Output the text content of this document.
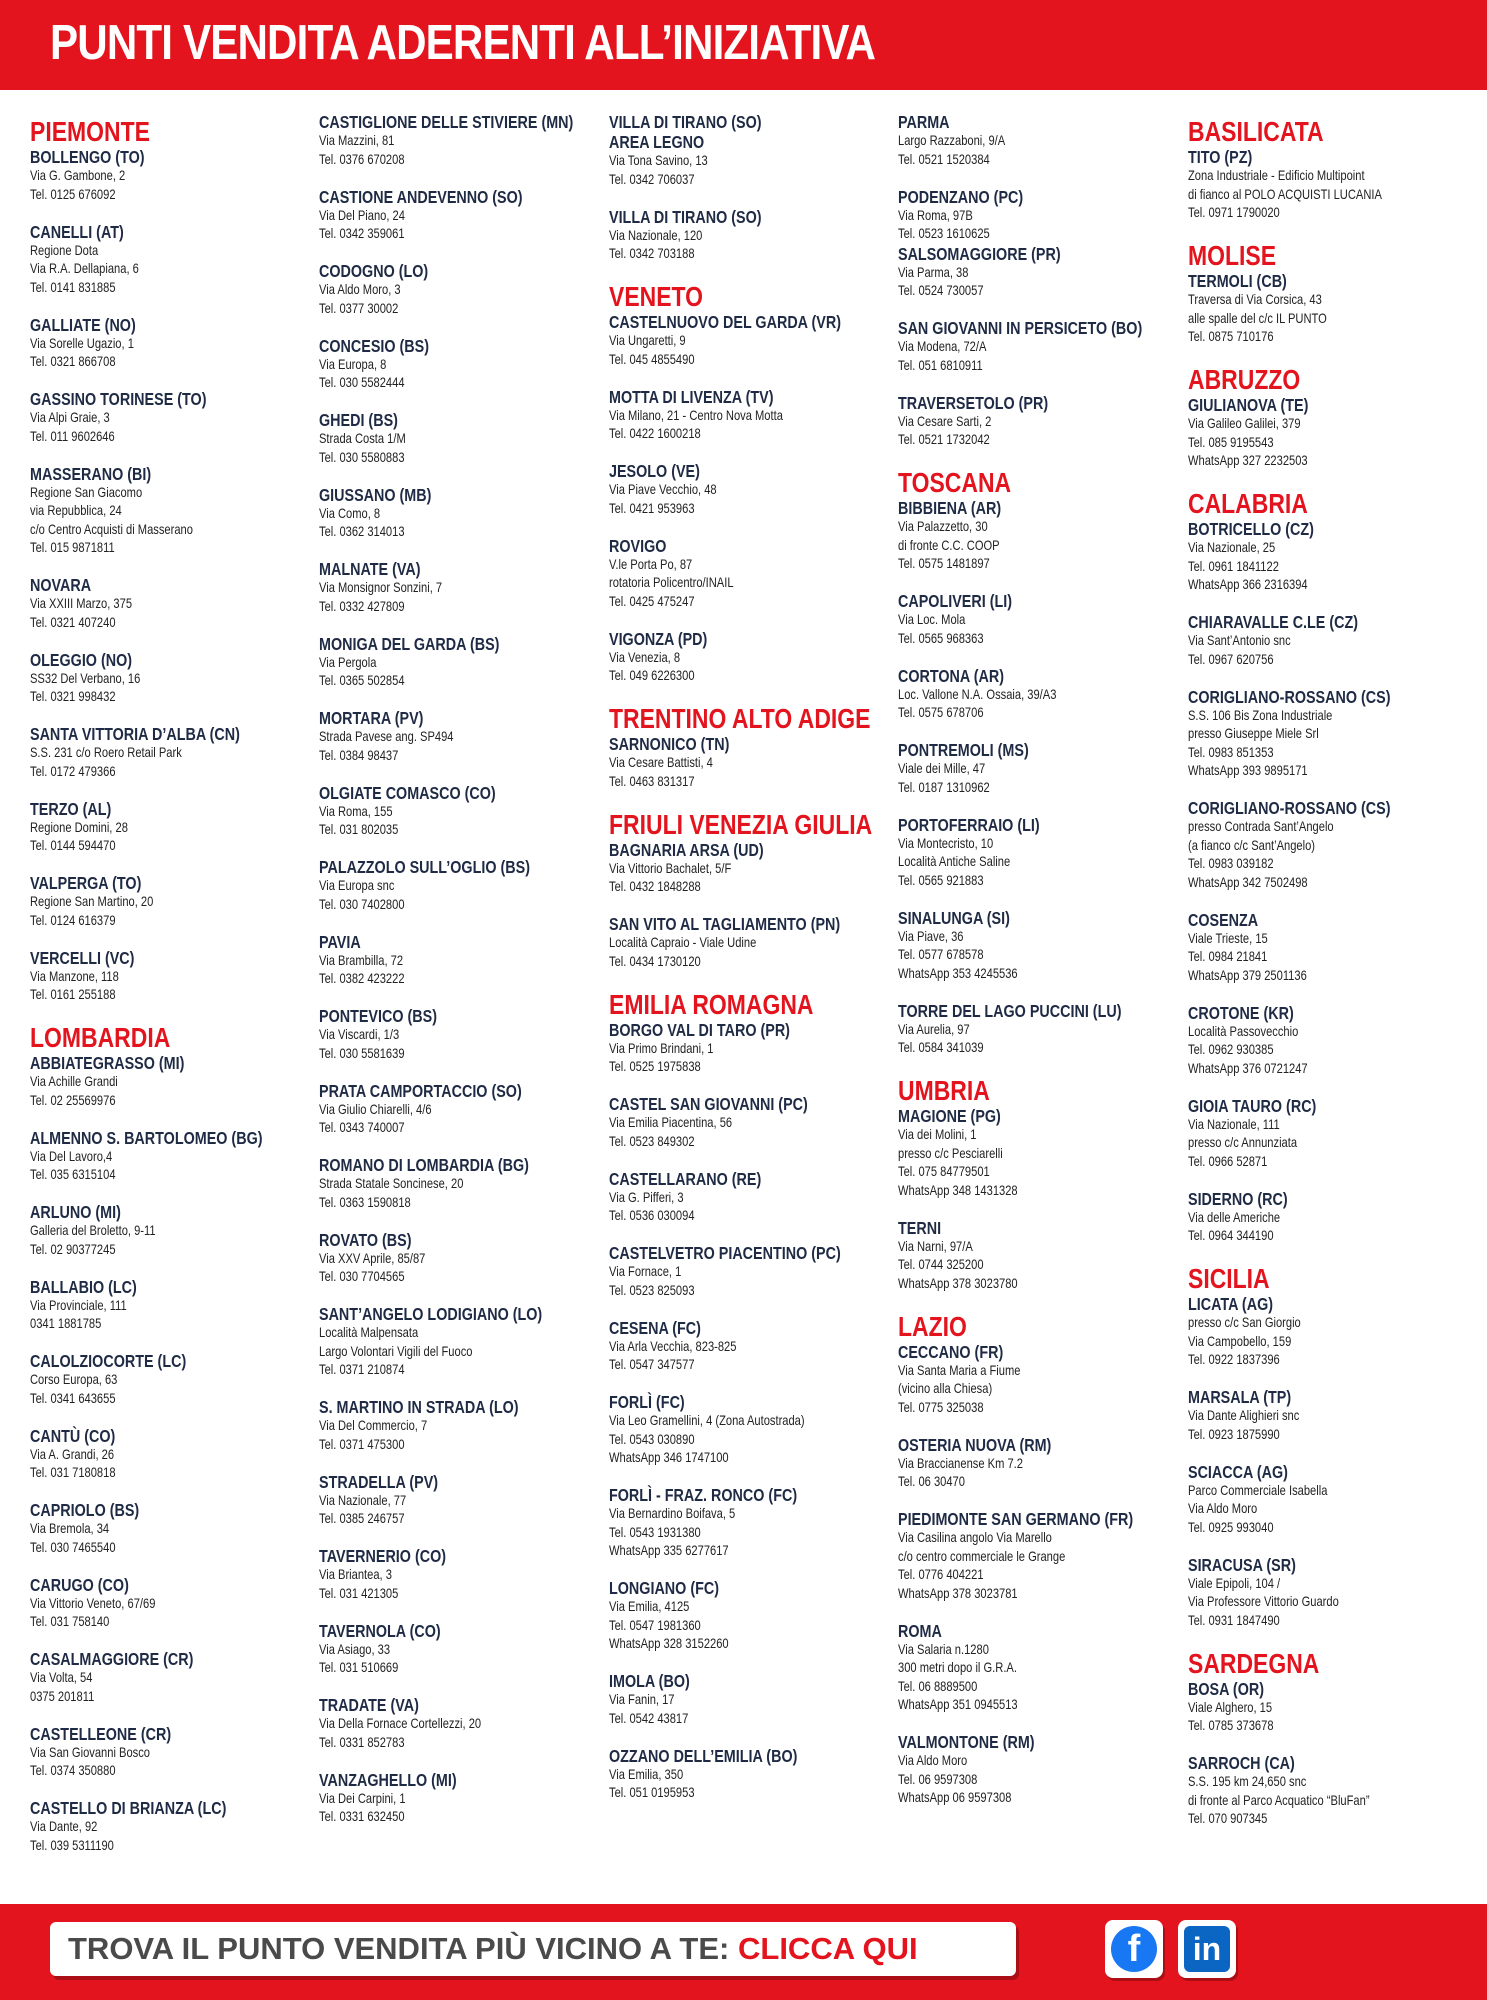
PUNTI VENDITA ADERENTI ALL’INIZIATIVA
PIEMONTE
BOLLENGO (TO)
Via G. Gambone, 2
Tel. 0125 676092
CANELLI (AT)
Regione Dota
Via R.A. Dellapiana, 6
Tel. 0141 831885
GALLIATE (NO)
Via Sorelle Ugazio, 1
Tel. 0321 866708
GASSINO TORINESE (TO)
Via Alpi Graie, 3
Tel. 011 9602646
MASSERANO (BI)
Regione San Giacomo
via Repubblica, 24
c/o Centro Acquisti di Masserano
Tel. 015 9871811
NOVARA
Via XXIII Marzo, 375
Tel. 0321 407240
OLEGGIO (NO)
SS32 Del Verbano, 16
Tel. 0321 998432
SANTA VITTORIA D’ALBA (CN)
S.S. 231 c/o Roero Retail Park
Tel. 0172 479366
TERZO (AL)
Regione Domini, 28
Tel. 0144 594470
VALPERGA (TO)
Regione San Martino, 20
Tel. 0124 616379
VERCELLI (VC)
Via Manzone, 118
Tel. 0161 255188
LOMBARDIA
ABBIATEGRASSO (MI)
Via Achille Grandi
Tel. 02 25569976
ALMENNO S. BARTOLOMEO (BG)
Via Del Lavoro,4
Tel. 035 6315104
ARLUNO (MI)
Galleria del Broletto, 9-11
Tel. 02 90377245
BALLABIO (LC)
Via Provinciale, 111
0341 1881785
CALOLZIOCORTE (LC)
Corso Europa, 63
Tel. 0341 643655
CANTÙ (CO)
Via A. Grandi, 26
Tel. 031 7180818
CAPRIOLO (BS)
Via Bremola, 34
Tel. 030 7465540
CARUGO (CO)
Via Vittorio Veneto, 67/69
Tel. 031 758140
CASALMAGGIORE (CR)
Via Volta, 54
0375 201811
CASTELLEONE (CR)
Via San Giovanni Bosco
Tel. 0374 350880
CASTELLO DI BRIANZA (LC)
Via Dante, 92
Tel. 039 5311190
CASTIGLIONE DELLE STIVIERE (MN)
Via Mazzini, 81
Tel. 0376 670208
CASTIONE ANDEVENNO (SO)
Via Del Piano, 24
Tel. 0342 359061
CODOGNO (LO)
Via Aldo Moro, 3
Tel. 0377 30002
CONCESIO (BS)
Via Europa, 8
Tel. 030 5582444
GHEDI (BS)
Strada Costa 1/M
Tel. 030 5580883
GIUSSANO (MB)
Via Como, 8
Tel. 0362 314013
MALNATE (VA)
Via Monsignor Sonzini, 7
Tel. 0332 427809
MONIGA DEL GARDA (BS)
Via Pergola
Tel. 0365 502854
MORTARA (PV)
Strada Pavese ang. SP494
Tel. 0384 98437
OLGIATE COMASCO (CO)
Via Roma, 155
Tel. 031 802035
PALAZZOLO SULL’OGLIO (BS)
Via Europa snc
Tel. 030 7402800
PAVIA
Via Brambilla, 72
Tel. 0382 423222
PONTEVICO (BS)
Via Viscardi, 1/3
Tel. 030 5581639
PRATA CAMPORTACCIO (SO)
Via Giulio Chiarelli, 4/6
Tel. 0343 740007
ROMANO DI LOMBARDIA (BG)
Strada Statale Soncinese, 20
Tel. 0363 1590818
ROVATO (BS)
Via XXV Aprile, 85/87
Tel. 030 7704565
SANT’ANGELO LODIGIANO (LO)
Località Malpensata
Largo Volontari Vigili del Fuoco
Tel. 0371 210874
S. MARTINO IN STRADA (LO)
Via Del Commercio, 7
Tel. 0371 475300
STRADELLA (PV)
Via Nazionale, 77
Tel. 0385 246757
TAVERNERIO (CO)
Via Briantea, 3
Tel. 031 421305
TAVERNOLA (CO)
Via Asiago, 33
Tel. 031 510669
TRADATE (VA)
Via Della Fornace Cortellezzi, 20
Tel. 0331 852783
VANZAGHELLO (MI)
Via Dei Carpini, 1
Tel. 0331 632450
VILLA DI TIRANO (SO)
AREA LEGNO
Via Tona Savino, 13
Tel. 0342 706037
VILLA DI TIRANO (SO)
Via Nazionale, 120
Tel. 0342 703188
VENETO
CASTELNUOVO DEL GARDA (VR)
Via Ungaretti, 9
Tel. 045 4855490
MOTTA DI LIVENZA (TV)
Via Milano, 21 - Centro Nova Motta
Tel. 0422 1600218
JESOLO (VE)
Via Piave Vecchio, 48
Tel. 0421 953963
ROVIGO
V.le Porta Po, 87
rotatoria Policentro/INAIL
Tel. 0425 475247
VIGONZA (PD)
Via Venezia, 8
Tel. 049 6226300
TRENTINO ALTO ADIGE
SARNONICO (TN)
Via Cesare Battisti, 4
Tel. 0463 831317
FRIULI VENEZIA GIULIA
BAGNARIA ARSA (UD)
Via Vittorio Bachalet, 5/F
Tel. 0432 1848288
SAN VITO AL TAGLIAMENTO (PN)
Località Capraio - Viale Udine
Tel. 0434 1730120
EMILIA ROMAGNA
BORGO VAL DI TARO (PR)
Via Primo Brindani, 1
Tel. 0525 1975838
CASTEL SAN GIOVANNI (PC)
Via Emilia Piacentina, 56
Tel. 0523 849302
CASTELLARANO (RE)
Via G. Pifferi, 3
Tel. 0536 030094
CASTELVETRO PIACENTINO (PC)
Via Fornace, 1
Tel. 0523 825093
CESENA (FC)
Via Arla Vecchia, 823-825
Tel. 0547 347577
FORLÌ (FC)
Via Leo Gramellini, 4 (Zona Autostrada)
Tel. 0543 030890
WhatsApp 346 1747100
FORLÌ - FRAZ. RONCO (FC)
Via Bernardino Boifava, 5
Tel. 0543 1931380
WhatsApp 335 6277617
LONGIANO (FC)
Via Emilia, 4125
Tel. 0547 1981360
WhatsApp 328 3152260
IMOLA (BO)
Via Fanin, 17
Tel. 0542 43817
OZZANO DELL’EMILIA (BO)
Via Emilia, 350
Tel. 051 0195953
PARMA
Largo Razzaboni, 9/A
Tel. 0521 1520384
PODENZANO (PC)
Via Roma, 97B
Tel. 0523 1610625
SALSOMAGGIORE (PR)
Via Parma, 38
Tel. 0524 730057
SAN GIOVANNI IN PERSICETO (BO)
Via Modena, 72/A
Tel. 051 6810911
TRAVERSETOLO (PR)
Via Cesare Sarti, 2
Tel. 0521 1732042
TOSCANA
BIBBIENA (AR)
Via Palazzetto, 30
di fronte C.C. COOP
Tel. 0575 1481897
CAPOLIVERI (LI)
Via Loc. Mola
Tel. 0565 968363
CORTONA (AR)
Loc. Vallone N.A. Ossaia, 39/A3
Tel. 0575 678706
PONTREMOLI (MS)
Viale dei Mille, 47
Tel. 0187 1310962
PORTOFERRAIO (LI)
Via Montecristo, 10
Località Antiche Saline
Tel. 0565 921883
SINALUNGA (SI)
Via Piave, 36
Tel. 0577 678578
WhatsApp 353 4245536
TORRE DEL LAGO PUCCINI (LU)
Via Aurelia, 97
Tel. 0584 341039
UMBRIA
MAGIONE (PG)
Via dei Molini, 1
presso c/c Pesciarelli
Tel. 075 84779501
WhatsApp 348 1431328
TERNI
Via Narni, 97/A
Tel. 0744 325200
WhatsApp 378 3023780
LAZIO
CECCANO (FR)
Via Santa Maria a Fiume
(vicino alla Chiesa)
Tel. 0775 325038
OSTERIA NUOVA (RM)
Via Braccianense Km 7.2
Tel. 06 30470
PIEDIMONTE SAN GERMANO (FR)
Via Casilina angolo Via Marello
c/o centro commerciale le Grange
Tel. 0776 404221
WhatsApp 378 3023781
ROMA
Via Salaria n.1280
300 metri dopo il G.R.A.
Tel. 06 8889500
WhatsApp 351 0945513
VALMONTONE (RM)
Via Aldo Moro
Tel. 06 9597308
WhatsApp 06 9597308
BASILICATA
TITO (PZ)
Zona Industriale - Edificio Multipoint
di fianco al POLO ACQUISTI LUCANIA
Tel. 0971 1790020
MOLISE
TERMOLI (CB)
Traversa di Via Corsica, 43
alle spalle del c/c IL PUNTO
Tel. 0875 710176
ABRUZZO
GIULIANOVA (TE)
Via Galileo Galilei, 379
Tel. 085 9195543
WhatsApp 327 2232503
CALABRIA
BOTRICELLO (CZ)
Via Nazionale, 25
Tel. 0961 1841122
WhatsApp 366 2316394
CHIARAVALLE C.LE (CZ)
Via Sant’Antonio snc
Tel. 0967 620756
CORIGLIANO-ROSSANO (CS)
S.S. 106 Bis Zona Industriale
presso Giuseppe Miele Srl
Tel. 0983 851353
WhatsApp 393 9895171
CORIGLIANO-ROSSANO (CS)
presso Contrada Sant’Angelo
(a fianco c/c Sant’Angelo)
Tel. 0983 039182
WhatsApp 342 7502498
COSENZA
Viale Trieste, 15
Tel. 0984 21841
WhatsApp 379 2501136
CROTONE (KR)
Località Passovecchio
Tel. 0962 930385
WhatsApp 376 0721247
GIOIA TAURO (RC)
Via Nazionale, 111
presso c/c Annunziata
Tel. 0966 52871
SIDERNO (RC)
Via delle Americhe
Tel. 0964 344190
SICILIA
LICATA (AG)
presso c/c San Giorgio
Via Campobello, 159
Tel. 0922 1837396
MARSALA (TP)
Via Dante Alighieri snc
Tel. 0923 1875990
SCIACCA (AG)
Parco Commerciale Isabella
Via Aldo Moro
Tel. 0925 993040
SIRACUSA (SR)
Viale Epipoli, 104 /
Via Professore Vittorio Guardo
Tel. 0931 1847490
SARDEGNA
BOSA (OR)
Viale Alghero, 15
Tel. 0785 373678
SARROCH (CA)
S.S. 195 km 24,650 snc
di fronte al Parco Acquatico “BluFan”
Tel. 070 907345
TROVA IL PUNTO VENDITA PIÙ VICINO A TE: CLICCA QUI	f	in
